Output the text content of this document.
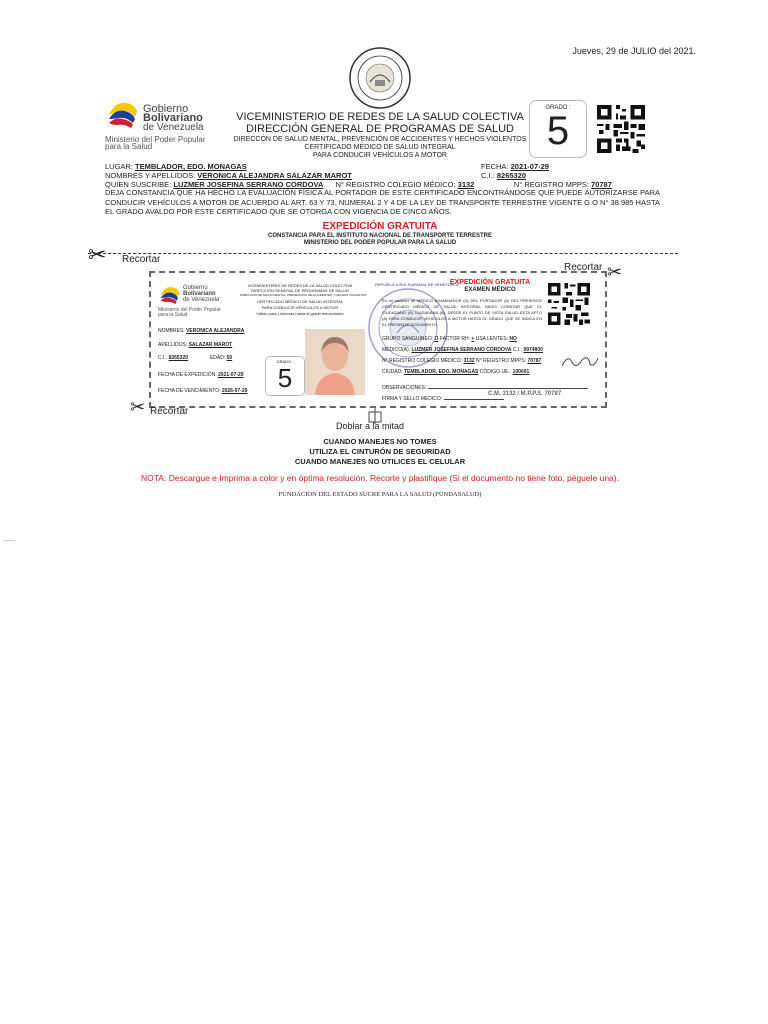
Jueves, 29 de JULIO del 2021.
Gobierno
Bolivariano
de Venezuela
Ministerio del Poder Popular
para la Salud
VICEMINISTERIO DE REDES DE LA SALUD COLECTIVA
DIRECCIÓN GENERAL DE PROGRAMAS DE SALUD
DIRECCÓN DE SALUD MENTAL, PREVENCIÓN DE ACCIDENTES Y HECHOS VIOLENTOS
CERTIFICADO MÉDICO DE SALUD INTEGRAL
PARA CONDUCIR VEHÍCULOS A MOTOR
GRADO :
5
LUGAR: TEMBLADOR, EDO. MONAGAS	FECHA: 2021-07-29
NOMBRES Y APELLIDOS: VERONICA ALEJANDRA SALAZAR MAROT	C.I.: 8265320
QUIEN SUSCRIBE: LUZMER JOSEFINA SERRANO CORDOVA N° REGISTRO COLEGIO MÉDICO: 3132	N° REGISTRO MPPS: 70787
DEJA CONSTANCIA QUE HA HECHO LA EVALUACIÓN FÍSICA AL PORTADOR DE ESTE CERTIFICADO ENCONTRÁNDOSE QUE PUEDE AUTORIZARSE PARA CONDUCIR VEHÍCULOS A MOTOR DE ACUERDO AL ART. 63 Y 73, NUMERAL 2 Y 4 DE LA LEY DE TRANSPORTE TERRESTRE VIGENTE G.O N° 38.985 HASTA EL GRADO AVALDO POR ESTE CERTIFICADO QUE SE OTORGA CON VIGENCIA DE CINCO AÑOS.
EXPEDICIÓN GRATUITA
CONSTANCIA PARA EL INSTITUTO NACIONAL DE TRANSPORTE TERRESTRE
MINISTERIO DEL PODER POPULAR PARA LA SALUD
✂ Recortar
Recortar ✂
Gobierno
Bolivariano
de Venezuela
Ministerio del Poder Popular
para la Salud
VICEMINISTERIO DE REDES DE LA SALUD COLECTIVA
DIRECCIÓN GENERAL DE PROGRAMAS DE SALUD
DIRECCIÓN DE SALUD MENTAL, PREVENCIÓN DE ACCIDENTES Y HECHOS VIOLENTOS
CERTIFICADO MÉDICO DE SALUD INTEGRAL
PARA CONDUCIR VEHÍCULOS A MOTOR
Válido para Licencias hasta el grado mencionado
NOMBRES: VERONICA ALEJANDRA
APELLIDOS: SALAZAR MAROT
C.I.: 8265320	EDAD: 50
FECHA DE EXPEDICIÓN: 2021-07-29
FECHA DE VENCIMIENTO: 2026-07-29
GRADO :
5
REPUBLICA BOLIVARIANA DE VENEZUELA
EXPEDICIÓN GRATUITA
EXAMEN MÉDICO
En mi carácter de MÉDICO EXAMINADOR (A) DEL PORTADOR (A) DEL PRESENTE CERTIFICADO MÉDICO DE SALUD INTEGRAL HAGO CONSTAR QUE EL CIUDADANO (A) CIUDADANA (A), DESDE EL PUNTO DE VISTA SALUD ESTA APTO (A) PARA CONDUCIR VEHÍCULOS A MOTOR HASTA EL GRADO QUE SE INDICA EN EL PRESENTE DOCUMENTO.
GRUPO SANGUÍNEO: O FACTOR RH: + USA LENTES: NO
MÉDICO(A): LUZMER JOSEFINA SERRANO CORDOVA C.I.: 9974800
N° REGISTRO COLEGIO MÉDICO: 3132 N° REGISTRO MPPS: 70787
CIUDAD: TEMBLADOR, EDO. MONAGAS CÓDIGO UE.: 100001
OBSERVACIONES:
FIRMA Y SELLO MÉDICO:
C.M. 3132 / M.P.P.S. 70787
✂ Recortar
Doblar a la mitad
CUANDO MANEJES NO TOMES
UTILIZA EL CINTURÓN DE SEGURIDAD
CUANDO MANEJES NO UTILICES EL CELULAR
NOTA: Descargue e Imprima a color y en óptima resolución. Recorte y plastifique (Si el documento no tiene foto, péguele una).
FUNDACION DEL ESTADO SUCRE PARA LA SALUD (FUNDASALUD)
